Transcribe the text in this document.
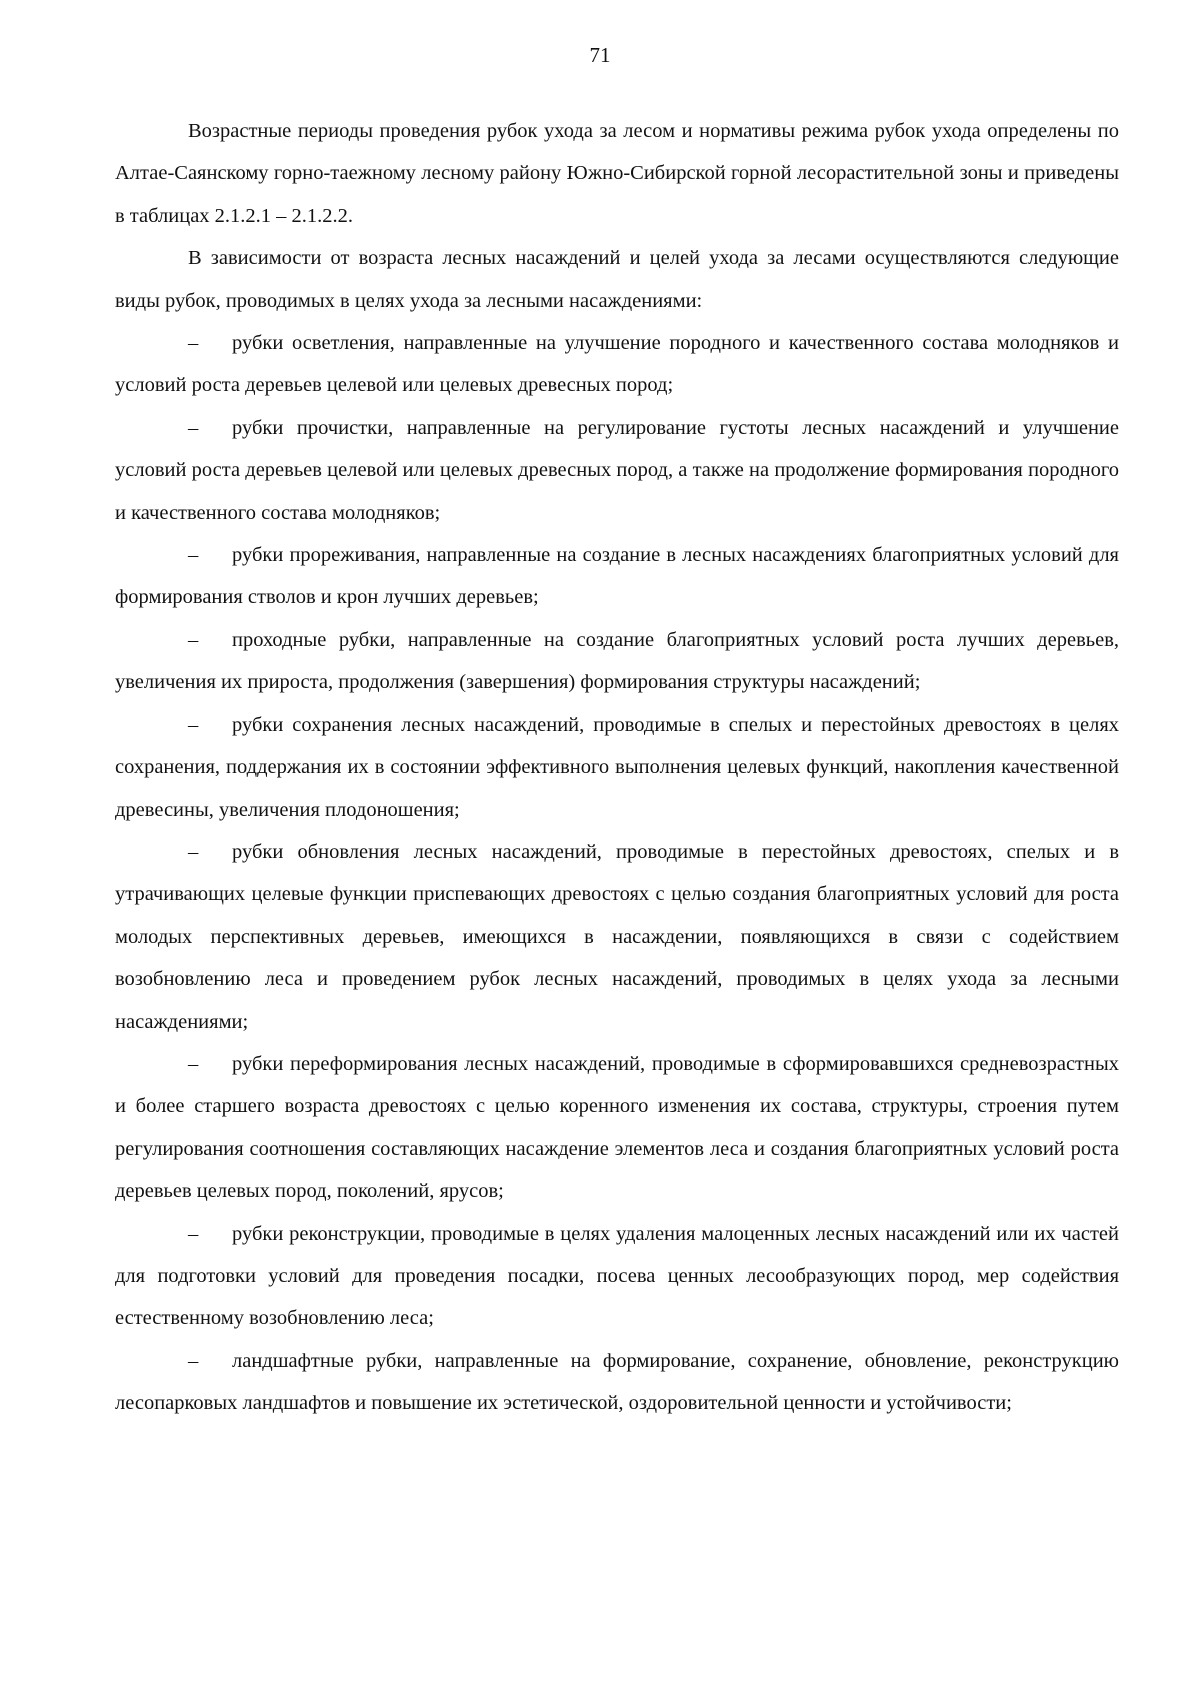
71

Возрастные периоды проведения рубок ухода за лесом и нормативы режима рубок ухода определены по Алтае-Саянскому горно-таежному лесному району Южно-Сибирской горной лесорастительной зоны и приведены в таблицах 2.1.2.1 – 2.1.2.2.

В зависимости от возраста лесных насаждений и целей ухода за лесами осуществляются следующие виды рубок, проводимых в целях ухода за лесными насаждениями:

– рубки осветления, направленные на улучшение породного и качественного состава молодняков и условий роста деревьев целевой или целевых древесных пород;

– рубки прочистки, направленные на регулирование густоты лесных насаждений и улучшение условий роста деревьев целевой или целевых древесных пород, а также на продолжение формирования породного и качественного состава молодняков;

– рубки прореживания, направленные на создание в лесных насаждениях благоприятных условий для формирования стволов и крон лучших деревьев;

– проходные рубки, направленные на создание благоприятных условий роста лучших деревьев, увеличения их прироста, продолжения (завершения) формирования структуры насаждений;

– рубки сохранения лесных насаждений, проводимые в спелых и перестойных древостоях в целях сохранения, поддержания их в состоянии эффективного выполнения целевых функций, накопления качественной древесины, увеличения плодоношения;

– рубки обновления лесных насаждений, проводимые в перестойных древостоях, спелых и в утрачивающих целевые функции приспевающих древостоях с целью создания благоприятных условий для роста молодых перспективных деревьев, имеющихся в насаждении, появляющихся в связи с содействием возобновлению леса и проведением рубок лесных насаждений, проводимых в целях ухода за лесными насаждениями;

– рубки переформирования лесных насаждений, проводимые в сформировавшихся средневозрастных и более старшего возраста древостоях с целью коренного изменения их состава, структуры, строения путем регулирования соотношения составляющих насаждение элементов леса и создания благоприятных условий роста деревьев целевых пород, поколений, ярусов;

– рубки реконструкции, проводимые в целях удаления малоценных лесных насаждений или их частей для подготовки условий для проведения посадки, посева ценных лесообразующих пород, мер содействия естественному возобновлению леса;

– ландшафтные рубки, направленные на формирование, сохранение, обновление, реконструкцию лесопарковых ландшафтов и повышение их эстетической, оздоровительной ценности и устойчивости;
